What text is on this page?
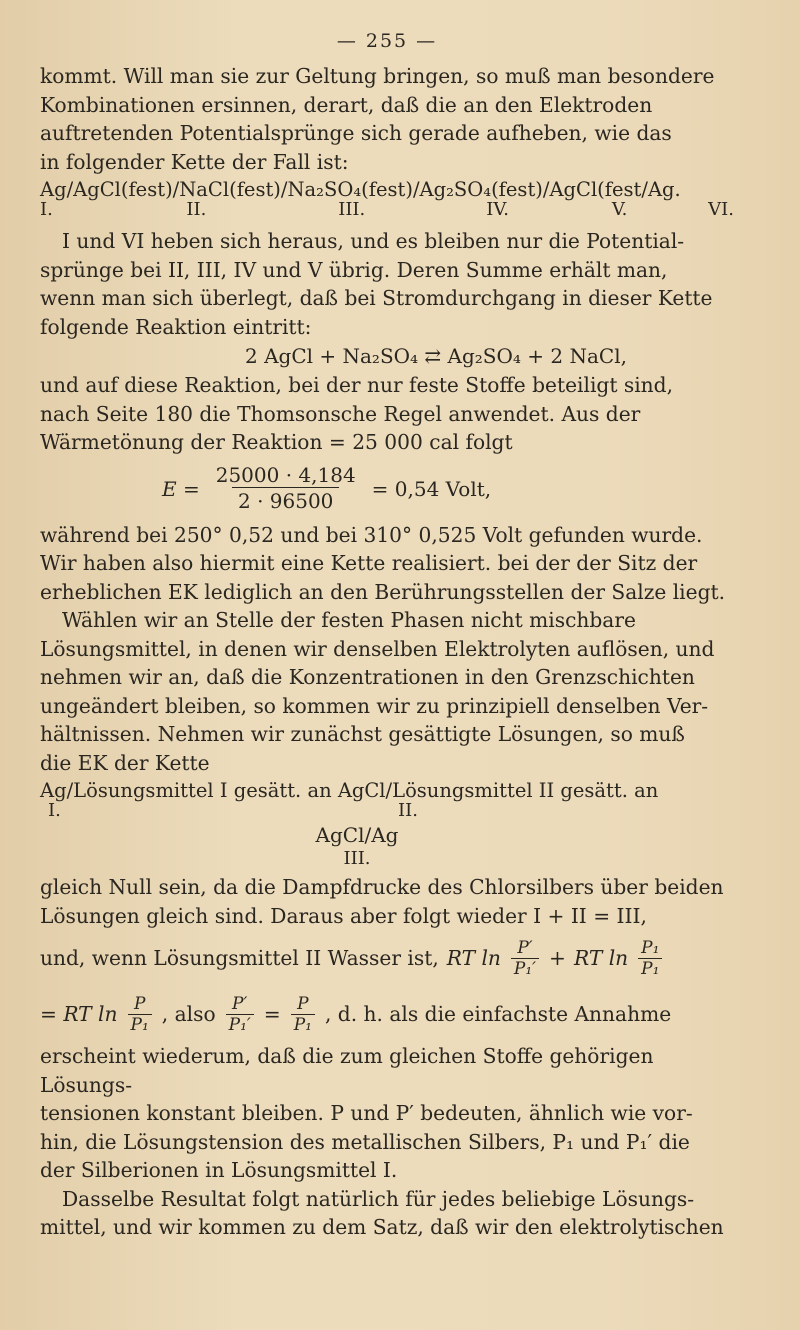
— 255 —
kommt. Will man sie zur Geltung bringen, so muß man besondere
Kombinationen ersinnen, derart, daß die an den Elektroden
auftretenden Potentialsprünge sich gerade aufheben, wie das
in folgender Kette der Fall ist:
Ag/AgCl(fest)/NaCl(fest)/Na₂SO₄(fest)/Ag₂SO₄(fest)/AgCl(fest/Ag.
I.	II.	III.	IV.	V.	VI.
I und VI heben sich heraus, und es bleiben nur die Potential-
sprünge bei II, III, IV und V übrig. Deren Summe erhält man,
wenn man sich überlegt, daß bei Stromdurchgang in dieser Kette
folgende Reaktion eintritt:
2 AgCl + Na₂SO₄ ⇄ Ag₂SO₄ + 2 NaCl,
und auf diese Reaktion, bei der nur feste Stoffe beteiligt sind,
nach Seite 180 die Thomsonsche Regel anwendet. Aus der
Wärmetönung der Reaktion = 25 000 cal folgt
$E = \frac{25000 \cdot 4,184}{2 \cdot 96500} = 0,54$ Volt,
während bei 250° 0,52 und bei 310° 0,525 Volt gefunden wurde.
Wir haben also hiermit eine Kette realisiert. bei der der Sitz der
erheblichen EK lediglich an den Berührungsstellen der Salze liegt.
Wählen wir an Stelle der festen Phasen nicht mischbare
Lösungsmittel, in denen wir denselben Elektrolyten auflösen, und
nehmen wir an, daß die Konzentrationen in den Grenzschichten
ungeändert bleiben, so kommen wir zu prinzipiell denselben Ver-
hältnissen. Nehmen wir zunächst gesättigte Lösungen, so muß
die EK der Kette
Ag/Lösungsmittel I gesätt. an AgCl/Lösungsmittel II gesätt. an
I.	II.
AgCl/Ag
III.
gleich Null sein, da die Dampfdrucke des Chlorsilbers über beiden
Lösungen gleich sind. Daraus aber folgt wieder I + II = III,
und, wenn Lösungsmittel II Wasser ist, RT $\ln \frac{P'}{\text{P₁′}}$ + RT $\ln \frac{\text{P₁}}{\text{P₁}}$
= RT $\ln \frac{P}{\text{P₁}}$ , also $\frac{P'}{\text{P₁′}} = \frac{P}{\text{P₁}}$ , d. h. als die einfachste Annahme
erscheint wiederum, daß die zum gleichen Stoffe gehörigen Lösungs-
tensionen konstant bleiben. P und P′ bedeuten, ähnlich wie vor-
hin, die Lösungstension des metallischen Silbers, P₁ und P₁′ die
der Silberionen in Lösungsmittel I.
Dasselbe Resultat folgt natürlich für jedes beliebige Lösungs-
mittel, und wir kommen zu dem Satz, daß wir den elektrolytischen
